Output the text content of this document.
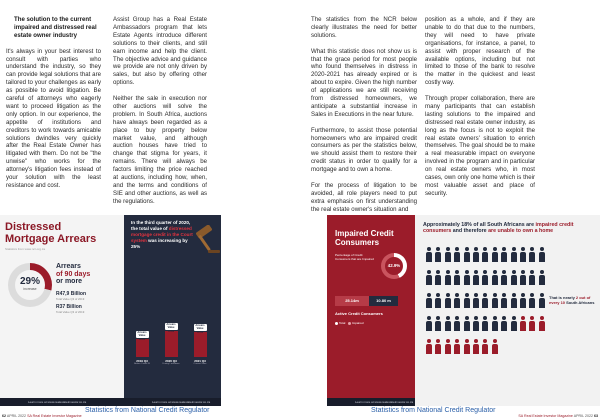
The solution to the current impaired and distressed real estate owner industry

It's always in your best interest to consult with parties who understand the industry, so they can provide legal solutions that are tailored to your challenges as early as possible to avoid litigation. Be careful of attorneys who eagerly want to proceed litigation as the only option. In our experience, the appetite of institutions and creditors to work towards amicable solutions dwindles very quickly after the Real Estate Owner has litigated with them. Do not be "the unwise" who works for the attorney's litigation fees instead of your solution with the least resistance and cost.

Assist Group has a Real Estate Ambassadors program that lets Estate Agents introduce different solutions to their clients, and still earn income and help the client. The objective advice and guidance we provide are not only driven by sales, but also by offering other options.

Neither the sale in execution nor other auctions will solve the problem. In South Africa, auctions have always been regarded as a place to buy property below market value, and although auction houses have tried to change that stigma for years, it remains. There will always be factors limiting the price reached at auctions, including how, when, and the terms and conditions of SIE and other auctions, as well as the regulations.

The statistics from the NCR below clearly illustrates the need for better solutions.

What this statistic does not show us is that the grace period for most people who found themselves in distress in 2020-2021 has already expired or is about to expire. Given the high number of applications we are still receiving from distressed homeowners, we anticipate a substantial increase in Sales in Executions in the near future.

Furthermore, to assist those potential homeowners who are impaired credit consumers as per the statistics below, we should assist them to restore their credit status in order to qualify for a mortgage and to own a home.

For the process of litigation to be avoided, all role players need to put extra emphasis on first understanding the real estate owner's situation and

position as a whole, and if they are unable to do that due to the numbers, they will need to have private organisations, for instance, a panel, to assist with proper research of the available options, including but not limited to those of the bank to resolve the matter in the quickest and least costly way.

Through proper collaboration, there are many participants that can establish lasting solutions to the impaired and distressed real estate owner industry, as long as the focus is not to exploit the real estate owners' situation to enrich themselves. The goal should be to make a real measurable impact on everyone involved in the program and in particular on real estate owners who, in most cases, own only one home which is their most valuable asset and place of security.

Distressed
Mortgage Arrears
Statistics from www.ncr.org.za
29%
increase
Arrears
of 90 days
or more
R47,9 Billion
Total Value Q3 of 2019
R37 Billion
Total Value Q3 of 2019
Learn more at www.realestateinvestor.co.za
In the third quarter of 2020, the total value of distressed mortgage credit in the Court system was increasing by 25%
Arrears Value 3.0%
2019 Q3
Before Covid-19
Arrears Value 4.3%
2020 Q3
During Lockdown
Arrears Value 4.1%
2021 Q3
Current State
Learn more at www.realestateinvestor.co.za
Impaired Credit
Consumers
Percentage of Credit Consumers that are Impaired
42.9%
25.14m	10.80 m
Active Credit Consumers
Total Impaired
Learn more at www.realestateinvestor.co.za
Approximately 18% of all South Africans are impaired credit consumers and therefore are unable to own a home
That is nearly 2 out of every 10 South Africans
Statistics from National Credit Regulator	Statistics from National Credit Regulator
62 APRIL 2022 SA Real Estate Investor Magazine	SA Real Estate Investor Magazine APRIL 2022 63
